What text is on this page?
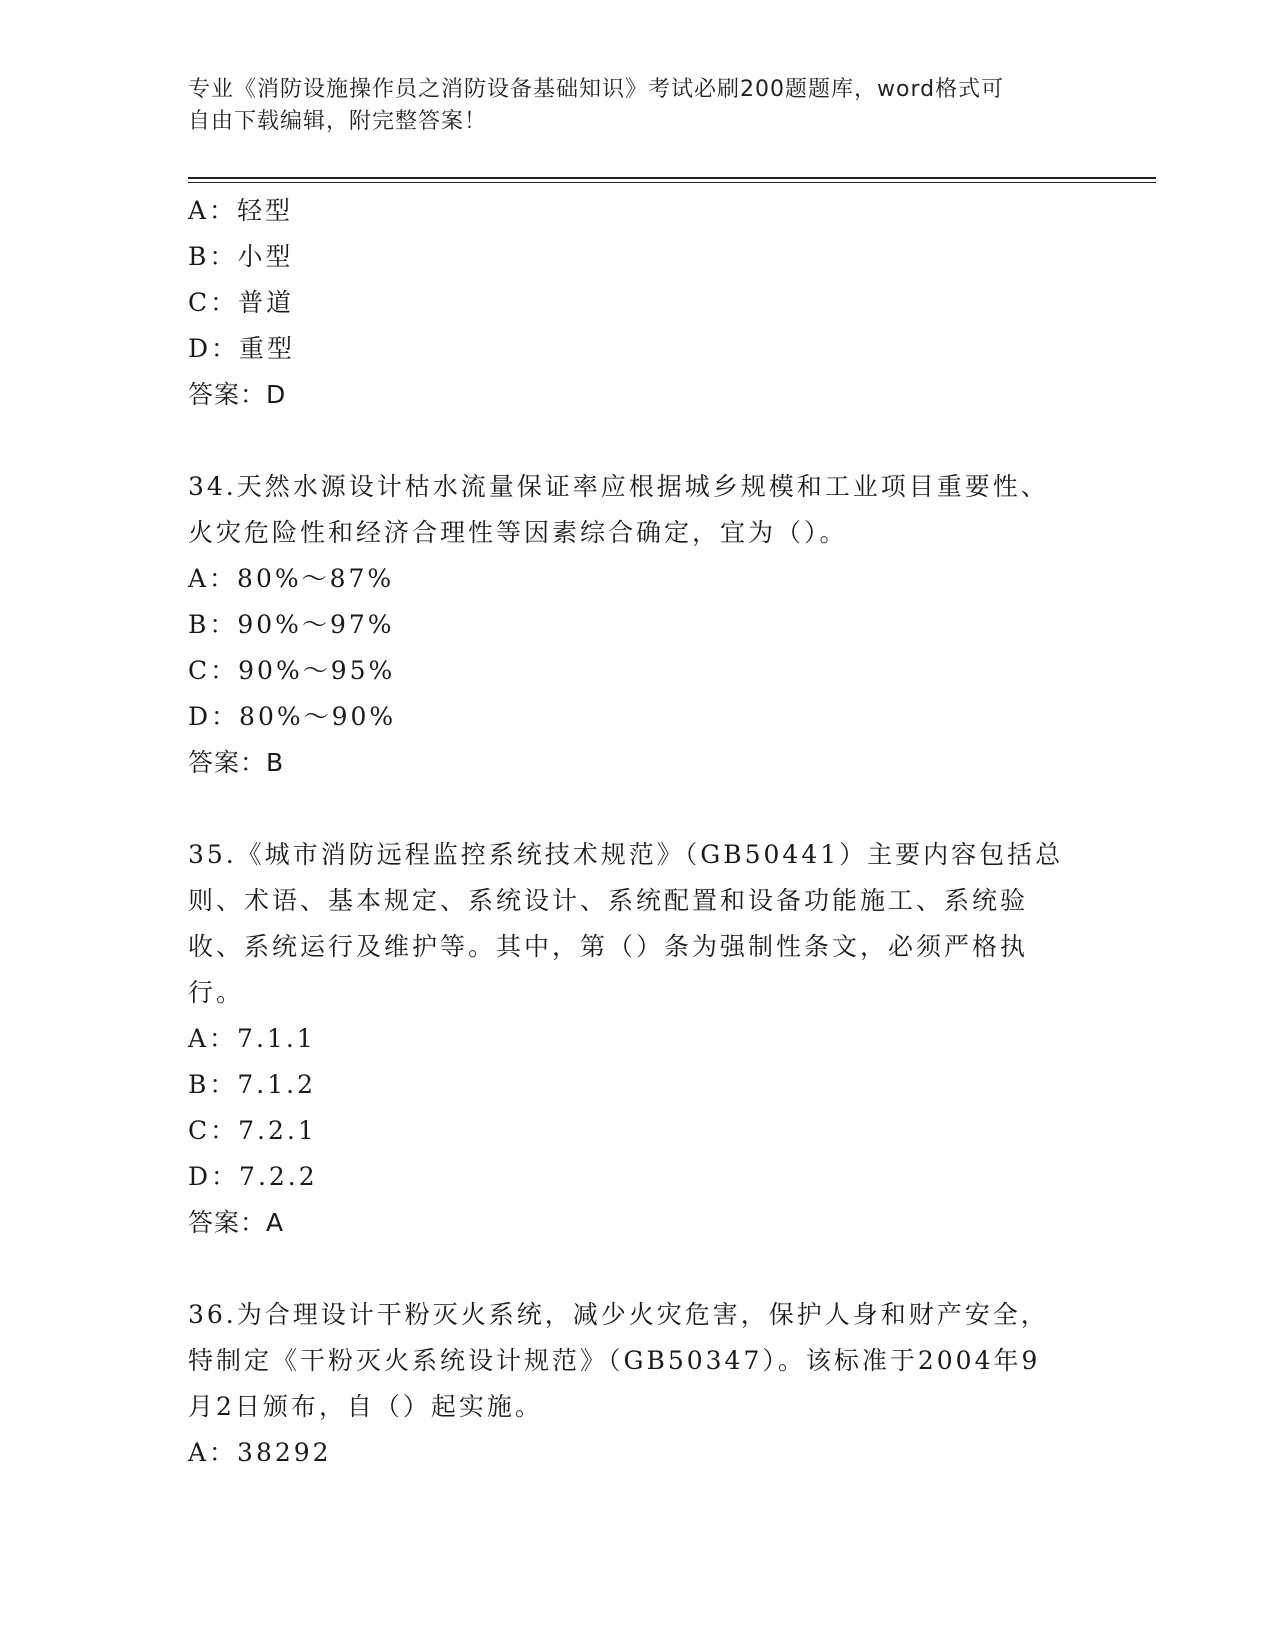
专业《消防设施操作员之消防设备基础知识》考试必刷200题题库，word格式可
自由下载编辑，附完整答案！
A：轻型
B：小型
C：普道
D：重型
答案：D
34.天然水源设计枯水流量保证率应根据城乡规模和工业项目重要性、
火灾危险性和经济合理性等因素综合确定，宜为（）。
A：80%～87%
B：90%～97%
C：90%～95%
D：80%～90%
答案：B
35.《城市消防远程监控系统技术规范》（GB50441）主要内容包括总
则、术语、基本规定、系统设计、系统配置和设备功能施工、系统验
收、系统运行及维护等。其中，第（）条为强制性条文，必须严格执
行。
A：7.1.1
B：7.1.2
C：7.2.1
D：7.2.2
答案：A
36.为合理设计干粉灭火系统，减少火灾危害，保护人身和财产安全，
特制定《干粉灭火系统设计规范》（GB50347）。该标准于2004年9
月2日颁布，自（）起实施。
A：38292
